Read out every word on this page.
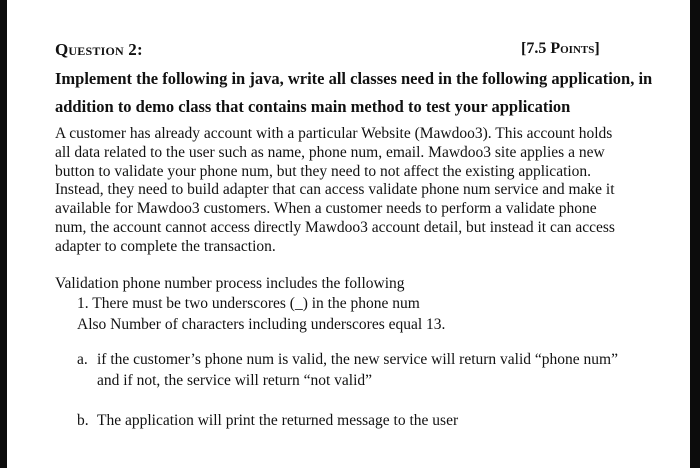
Question 2:	[7.5 Points]
Implement the following in java, write all classes need in the following application, in
addition to demo class that contains main method to test your application
A customer has already account with a particular Website (Mawdoo3). This account holds
all data related to the user such as name, phone num, email. Mawdoo3 site applies a new
button to validate your phone num, but they need to not affect the existing application.
Instead, they need to build adapter that can access validate phone num service and make it
available for Mawdoo3 customers. When a customer needs to perform a validate phone
num, the account cannot access directly Mawdoo3 account detail, but instead it can access
adapter to complete the transaction.
Validation phone number process includes the following
1. There must be two underscores (_) in the phone num
Also Number of characters including underscores equal 13.
a. if the customer’s phone num is valid, the new service will return valid “phone num”
and if not, the service will return “not valid”
b. The application will print the returned message to the user
